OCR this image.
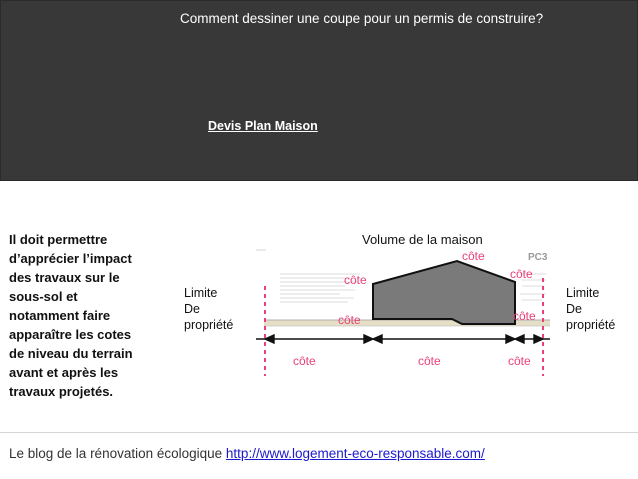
Comment dessiner une coupe pour un permis de construire?
Devis Plan Maison
Il doit permettre
d’apprécier l’impact
des travaux sur le
sous-sol et
notamment faire
apparaître les cotes
de niveau du terrain
avant et après les
travaux projetés.
Limite
De
propriété
Limite
De
propriété
Volume de la maison
PC3
côte
côte	côte
côte	côte
côte	côte	côte
Le blog de la rénovation écologique http://www.logement-eco-responsable.com/
